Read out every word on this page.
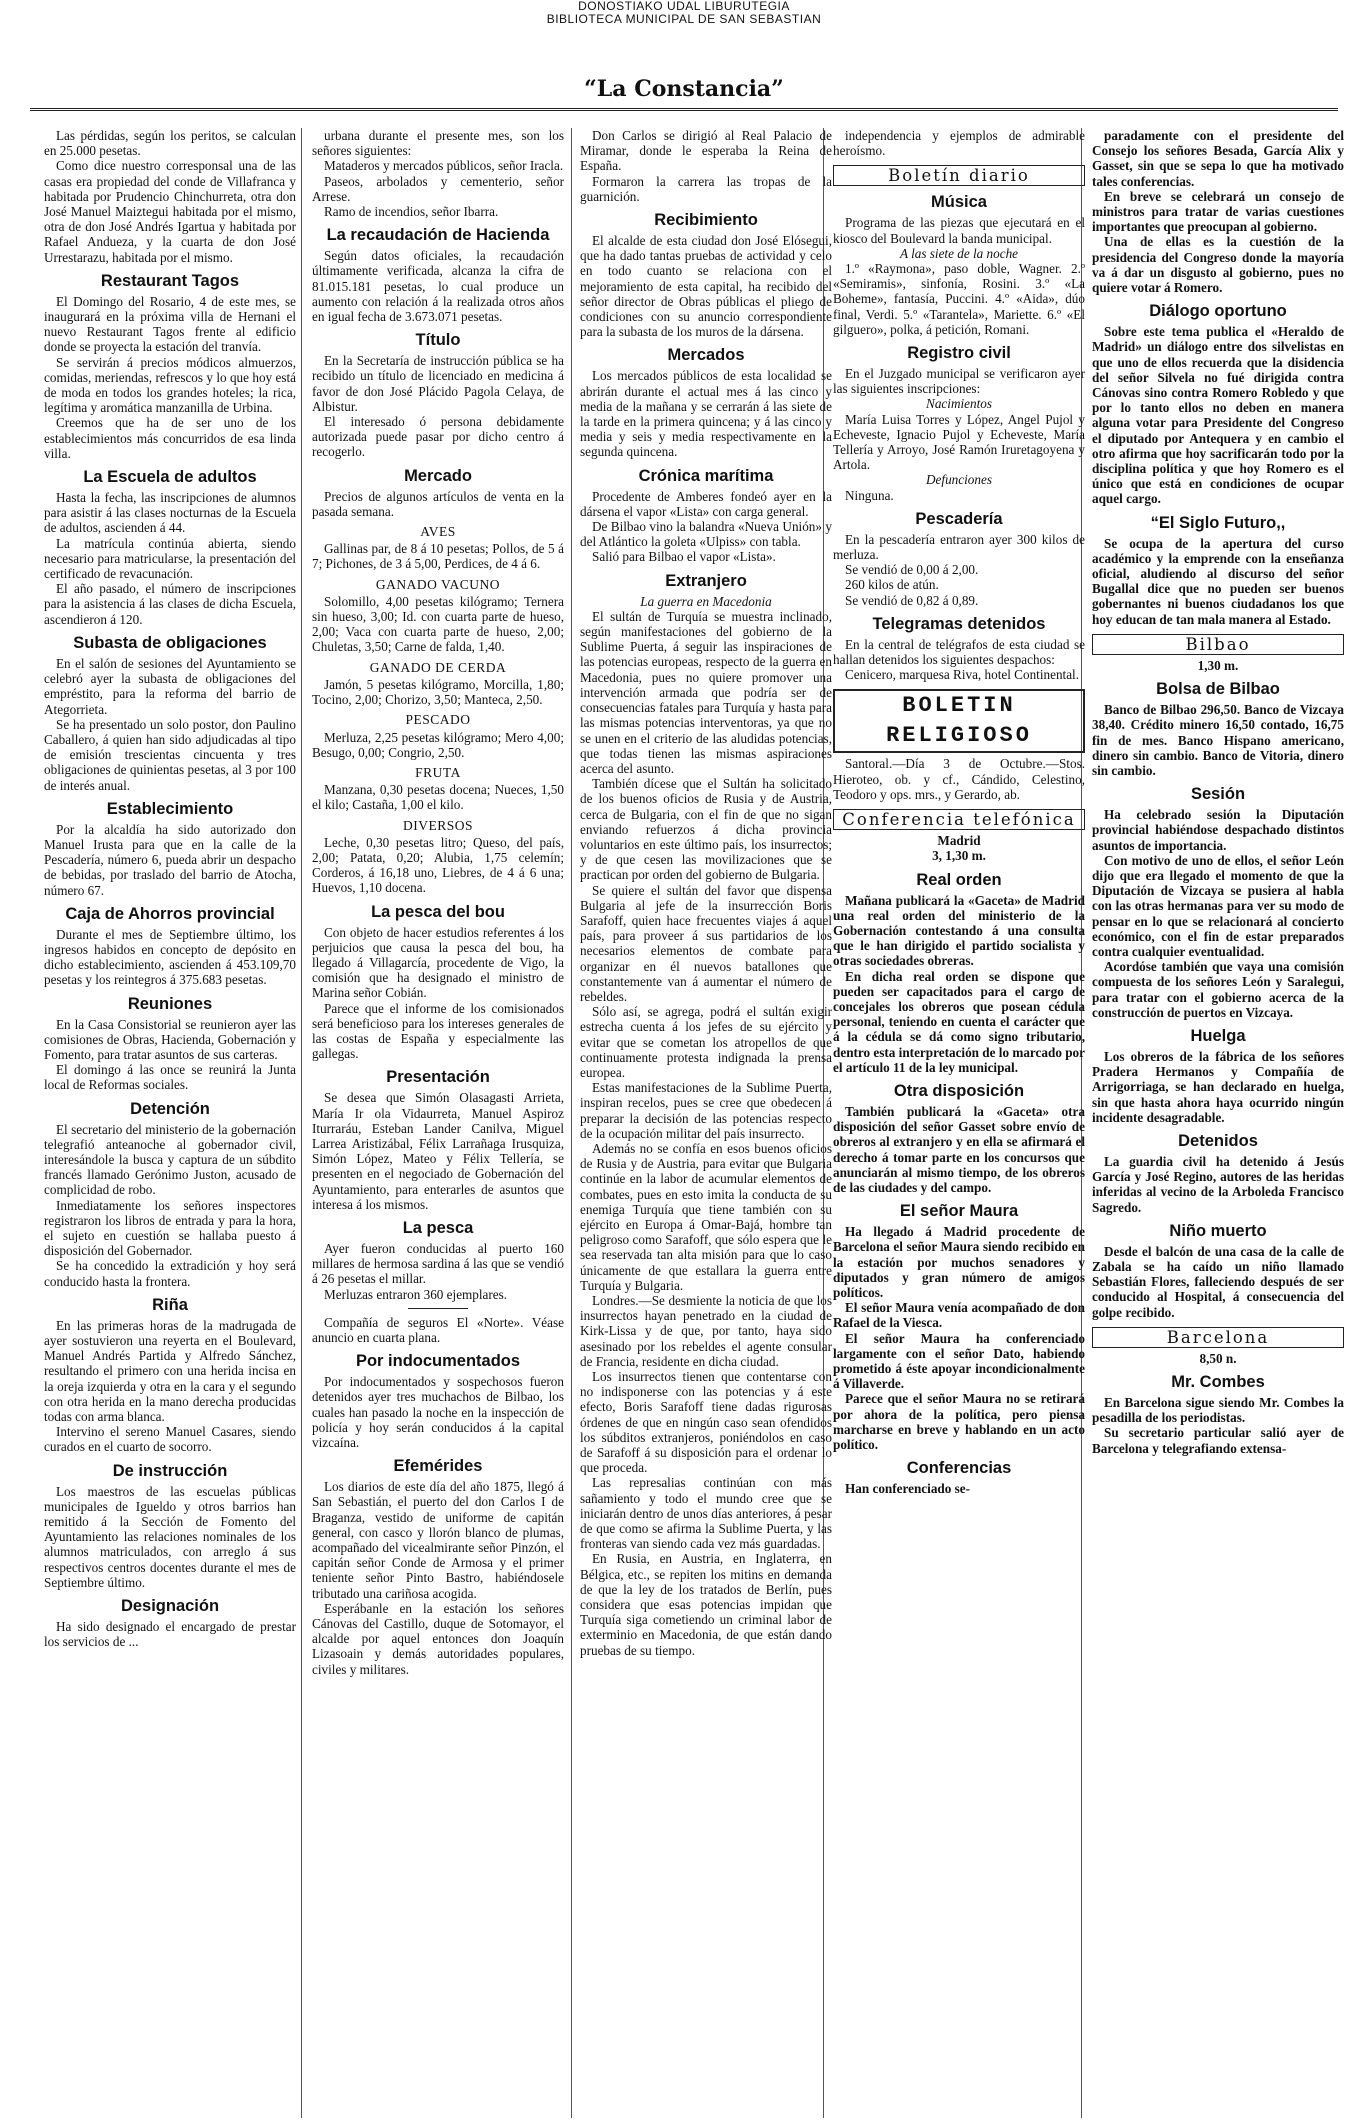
DONOSTIAKO UDAL LIBURUTEGIA
BIBLIOTECA MUNICIPAL DE SAN SEBASTIAN
“La Constancia”

Las pérdidas, según los peritos, se calculan en 25.000 pesetas.

Como dice nuestro corresponsal una de las casas era propiedad del conde de Villafranca y habitada por Prudencio Chinchurreta, otra don José Manuel Maiztegui habitada por el mismo, otra de don José Andrés Igartua y habitada por Rafael Andueza, y la cuarta de don José Urrestarazu, habitada por el mismo.

Restaurant Tagos

El Domingo del Rosario, 4 de este mes, se inaugurará en la próxima villa de Hernani el nuevo Restaurant Tagos frente al edificio donde se proyecta la estación del tranvía.

Se servirán á precios módicos almuerzos, comidas, meriendas, refrescos y lo que hoy está de moda en todos los grandes hoteles; la rica, legítima y aromática manzanilla de Urbina.

Creemos que ha de ser uno de los establecimientos más concurridos de esa linda villa.

La Escuela de adultos

Hasta la fecha, las inscripciones de alumnos para asistir á las clases nocturnas de la Escuela de adultos, ascienden á 44.

La matrícula continúa abierta, siendo necesario para matricularse, la presentación del certificado de revacunación.

El año pasado, el número de inscripciones para la asistencia á las clases de dicha Escuela, ascendieron á 120.

Subasta de obligaciones

En el salón de sesiones del Ayuntamiento se celebró ayer la subasta de obligaciones del empréstito, para la reforma del barrio de Ategorrieta.

Se ha presentado un solo postor, don Paulino Caballero, á quien han sido adjudicadas al tipo de emisión trescientas cincuenta y tres obligaciones de quinientas pesetas, al 3 por 100 de interés anual.

Establecimiento

Por la alcaldía ha sido autorizado don Manuel Irusta para que en la calle de la Pescadería, número 6, pueda abrir un despacho de bebidas, por traslado del barrio de Atocha, número 67.

Caja de Ahorros provincial

Durante el mes de Septiembre último, los ingresos habidos en concepto de depósito en dicho establecimiento, ascienden á 453.109,70 pesetas y los reintegros á 375.683 pesetas.

Reuniones

En la Casa Consistorial se reunieron ayer las comisiones de Obras, Hacienda, Gobernación y Fomento, para tratar asuntos de sus carteras.

El domingo á las once se reunirá la Junta local de Reformas sociales.

Detención

El secretario del ministerio de la gobernación telegrafió anteanoche al gobernador civil, interesándole la busca y captura de un súbdito francés llamado Gerónimo Juston, acusado de complicidad de robo.

Inmediatamente los señores inspectores registraron los libros de entrada y para la hora, el sujeto en cuestión se hallaba puesto á disposición del Gobernador.

Se ha concedido la extradición y hoy será conducido hasta la frontera.

Riña

En las primeras horas de la madrugada de ayer sostuvieron una reyerta en el Boulevard, Manuel Andrés Partida y Alfredo Sánchez, resultando el primero con una herida incisa en la oreja izquierda y otra en la cara y el segundo con otra herida en la mano derecha producidas todas con arma blanca.

Intervino el sereno Manuel Casares, siendo curados en el cuarto de socorro.

De instrucción

Los maestros de las escuelas públicas municipales de Igueldo y otros barrios han remitido á la Sección de Fomento del Ayuntamiento las relaciones nominales de los alumnos matriculados, con arreglo á sus respectivos centros docentes durante el mes de Septiembre último.

Designación

Ha sido designado el encargado de prestar los servicios de ...

urbana durante el presente mes, son los señores siguientes:

Mataderos y mercados públicos, señor Iracla.

Paseos, arbolados y cementerio, señor Arrese.

Ramo de incendios, señor Ibarra.

La recaudación de Hacienda

Según datos oficiales, la recaudación últimamente verificada, alcanza la cifra de 81.015.181 pesetas, lo cual produce un aumento con relación á la realizada otros años en igual fecha de 3.673.071 pesetas.

Título

En la Secretaría de instrucción pública se ha recibido un título de licenciado en medicina á favor de don José Plácido Pagola Celaya, de Albistur.

El interesado ó persona debidamente autorizada puede pasar por dicho centro á recogerlo.

Mercado

Precios de algunos artículos de venta en la pasada semana.

AVES

Gallinas par, de 8 á 10 pesetas; Pollos, de 5 á 7; Pichones, de 3 á 5,00, Perdices, de 4 á 6.

GANADO VACUNO

Solomillo, 4,00 pesetas kilógramo; Ternera sin hueso, 3,00; Id. con cuarta parte de hueso, 2,00; Vaca con cuarta parte de hueso, 2,00; Chuletas, 3,50; Carne de falda, 1,40.

GANADO DE CERDA

Jamón, 5 pesetas kilógramo, Morcilla, 1,80; Tocino, 2,00; Chorizo, 3,50; Manteca, 2,50.

PESCADO

Merluza, 2,25 pesetas kilógramo; Mero 4,00; Besugo, 0,00; Congrio, 2,50.

FRUTA

Manzana, 0,30 pesetas docena; Nueces, 1,50 el kilo; Castaña, 1,00 el kilo.

DIVERSOS

Leche, 0,30 pesetas litro; Queso, del país, 2,00; Patata, 0,20; Alubia, 1,75 celemín; Corderos, á 16,18 uno, Liebres, de 4 á 6 una; Huevos, 1,10 docena.

La pesca del bou

Con objeto de hacer estudios referentes á los perjuicios que causa la pesca del bou, ha llegado á Villagarcía, procedente de Vigo, la comisión que ha designado el ministro de Marina señor Cobián.

Parece que el informe de los comisionados será beneficioso para los intereses generales de las costas de España y especialmente las gallegas.

Presentación

Se desea que Simón Olasagasti Arrieta, María Ir ola Vidaurreta, Manuel Aspiroz Iturraráu, Esteban Lander Canilva, Miguel Larrea Aristizábal, Félix Larrañaga Irusquiza, Simón López, Mateo y Félix Tellería, se presenten en el negociado de Gobernación del Ayuntamiento, para enterarles de asuntos que interesa á los mismos.

La pesca

Ayer fueron conducidas al puerto 160 millares de hermosa sardina á las que se vendió á 26 pesetas el millar.

Merluzas entraron 360 ejemplares.

Compañía de seguros El «Norte». Véase anuncio en cuarta plana.

Por indocumentados

Por indocumentados y sospechosos fueron detenidos ayer tres muchachos de Bilbao, los cuales han pasado la noche en la inspección de policía y hoy serán conducidos á la capital vizcaína.

Efemérides

Los diarios de este día del año 1875, llegó á San Sebastián, el puerto del don Carlos I de Braganza, vestido de uniforme de capitán general, con casco y llorón blanco de plumas, acompañado del vicealmirante señor Pinzón, el capitán señor Conde de Armosa y el primer teniente señor Pinto Bastro, habiéndosele tributado una cariñosa acogida.

Esperábanle en la estación los señores Cánovas del Castillo, duque de Sotomayor, el alcalde por aquel entonces don Joaquín Lizasoain y demás autoridades populares, civiles y militares.

Don Carlos se dirigió al Real Palacio de Miramar, donde le esperaba la Reina de España.

Formaron la carrera las tropas de la guarnición.

Recibimiento

El alcalde de esta ciudad don José Elósegui, que ha dado tantas pruebas de actividad y celo en todo cuanto se relaciona con el mejoramiento de esta capital, ha recibido del señor director de Obras públicas el pliego de condiciones con su anuncio correspondiente para la subasta de los muros de la dársena.

Mercados

Los mercados públicos de esta localidad se abrirán durante el actual mes á las cinco y media de la mañana y se cerrarán á las siete de la tarde en la primera quincena; y á las cinco y media y seis y media respectivamente en la segunda quincena.

Crónica marítima

Procedente de Amberes fondeó ayer en la dársena el vapor «Lista» con carga general.

De Bilbao vino la balandra «Nueva Unión» y del Atlántico la goleta «Ulpiss» con tabla.

Salió para Bilbao el vapor «Lista».

Extranjero

La guerra en Macedonia

El sultán de Turquía se muestra inclinado, según manifestaciones del gobierno de la Sublime Puerta, á seguir las inspiraciones de las potencias europeas, respecto de la guerra en Macedonia, pues no quiere promover una intervención armada que podría ser de consecuencias fatales para Turquía y hasta para las mismas potencias interventoras, ya que no se unen en el criterio de las aludidas potencias, que todas tienen las mismas aspiraciones acerca del asunto.

También dícese que el Sultán ha solicitado de los buenos oficios de Rusia y de Austria, cerca de Bulgaria, con el fin de que no sigan enviando refuerzos á dicha provincia voluntarios en este último país, los insurrectos; y de que cesen las movilizaciones que se practican por orden del gobierno de Bulgaria.

Se quiere el sultán del favor que dispensa Bulgaria al jefe de la insurrección Boris Sarafoff, quien hace frecuentes viajes á aquel país, para proveer á sus partidarios de los necesarios elementos de combate para organizar en él nuevos batallones que constantemente van á aumentar el número de rebeldes.

Sólo así, se agrega, podrá el sultán exigir estrecha cuenta á los jefes de su ejército y evitar que se cometan los atropellos de que continuamente protesta indignada la prensa europea.

Estas manifestaciones de la Sublime Puerta, inspiran recelos, pues se cree que obedecen á preparar la decisión de las potencias respecto de la ocupación militar del país insurrecto.

Además no se confía en esos buenos oficios de Rusia y de Austria, para evitar que Bulgaria continúe en la labor de acumular elementos de combates, pues en esto imita la conducta de su enemiga Turquía que tiene también con su ejército en Europa á Omar-Bajá, hombre tan peligroso como Sarafoff, que sólo espera que le sea reservada tan alta misión para que lo caso únicamente de que estallara la guerra entre Turquía y Bulgaria.

Londres.—Se desmiente la noticia de que los insurrectos hayan penetrado en la ciudad de Kirk-Lissa y de que, por tanto, haya sido asesinado por los rebeldes el agente consular de Francia, residente en dicha ciudad.

Los insurrectos tienen que contentarse con no indisponerse con las potencias y á este efecto, Boris Sarafoff tiene dadas rigurosas órdenes de que en ningún caso sean ofendidos los súbditos extranjeros, poniéndolos en caso de Sarafoff á su disposición para el ordenar lo que proceda.

Las represalias continúan con más sañamiento y todo el mundo cree que se iniciarán dentro de unos días anteriores, á pesar de que como se afirma la Sublime Puerta, y las fronteras van siendo cada vez más guardadas.

En Rusia, en Austria, en Inglaterra, en Bélgica, etc., se repiten los mitins en demanda de que la ley de los tratados de Berlín, pues considera que esas potencias impidan que Turquía siga cometiendo un criminal labor de exterminio en Macedonia, de que están dando pruebas de su tiempo.

independencia y ejemplos de admirable heroísmo.

Boletín diario
Música

Programa de las piezas que ejecutará en el kiosco del Boulevard la banda municipal.

A las siete de la noche

1.º «Raymona», paso doble, Wagner. 2.º «Semiramis», sinfonía, Rosini. 3.º «La Boheme», fantasía, Puccini. 4.º «Aida», dúo final, Verdi. 5.º «Tarantela», Mariette. 6.º «El gilguero», polka, á petición, Romani.

Registro civil

En el Juzgado municipal se verificaron ayer las siguientes inscripciones:

Nacimientos

María Luisa Torres y López, Angel Pujol y Echeveste, Ignacio Pujol y Echeveste, María Tellería y Arroyo, José Ramón Iruretagoyena y Artola.

Defunciones

Ninguna.

Pescadería

En la pescadería entraron ayer 300 kilos de merluza.

Se vendió de 0,00 á 2,00.

260 kilos de atún.

Se vendió de 0,82 á 0,89.

Telegramas detenidos

En la central de telégrafos de esta ciudad se hallan detenidos los siguientes despachos:

Cenicero, marquesa Riva, hotel Continental.

BOLETIN RELIGIOSO

Santoral.—Día 3 de Octubre.—Stos. Hieroteo, ob. y cf., Cándido, Celestino, Teodoro y ops. mrs., y Gerardo, ab.

Conferencia telefónica

Madrid

3, 1,30 m.

Real orden

Mañana publicará la «Gaceta» de Madrid una real orden del ministerio de la Gobernación contestando á una consulta que le han dirigido el partido socialista y otras sociedades obreras.

En dicha real orden se dispone que pueden ser capacitados para el cargo de concejales los obreros que posean cédula personal, teniendo en cuenta el carácter que á la cédula se dá como signo tributario, dentro esta interpretación de lo marcado por el artículo 11 de la ley municipal.

Otra disposición

También publicará la «Gaceta» otra disposición del señor Gasset sobre envío de obreros al extranjero y en ella se afirmará el derecho á tomar parte en los concursos que anunciarán al mismo tiempo, de los obreros de las ciudades y del campo.

El señor Maura

Ha llegado á Madrid procedente de Barcelona el señor Maura siendo recibido en la estación por muchos senadores y diputados y gran número de amigos políticos.

El señor Maura venía acompañado de don Rafael de la Viesca.

El señor Maura ha conferenciado largamente con el señor Dato, habiendo prometido á éste apoyar incondicionalmente á Villaverde.

Parece que el señor Maura no se retirará por ahora de la política, pero piensa marcharse en breve y hablando en un acto político.

Conferencias

Han conferenciado se-

paradamente con el presidente del Consejo los señores Besada, García Alix y Gasset, sin que se sepa lo que ha motivado tales conferencias.

En breve se celebrará un consejo de ministros para tratar de varias cuestiones importantes que preocupan al gobierno.

Una de ellas es la cuestión de la presidencia del Congreso donde la mayoría va á dar un disgusto al gobierno, pues no quiere votar á Romero.

Diálogo oportuno

Sobre este tema publica el «Heraldo de Madrid» un diálogo entre dos silvelistas en que uno de ellos recuerda que la disidencia del señor Silvela no fué dirigida contra Cánovas sino contra Romero Robledo y que por lo tanto ellos no deben en manera alguna votar para Presidente del Congreso el diputado por Antequera y en cambio el otro afirma que hoy sacrificarán todo por la disciplina política y que hoy Romero es el único que está en condiciones de ocupar aquel cargo.

“El Siglo Futuro,,

Se ocupa de la apertura del curso académico y la emprende con la enseñanza oficial, aludiendo al discurso del señor Bugallal dice que no pueden ser buenos gobernantes ni buenos ciudadanos los que hoy educan de tan mala manera al Estado.

Bilbao

1,30 m.

Bolsa de Bilbao

Banco de Bilbao 296,50. Banco de Vizcaya 38,40. Crédito minero 16,50 contado, 16,75 fin de mes. Banco Hispano americano, dinero sin cambio. Banco de Vitoria, dinero sin cambio.

Sesión

Ha celebrado sesión la Diputación provincial habiéndose despachado distintos asuntos de importancia.

Con motivo de uno de ellos, el señor León dijo que era llegado el momento de que la Diputación de Vizcaya se pusiera al habla con las otras hermanas para ver su modo de pensar en lo que se relacionará al concierto económico, con el fin de estar preparados contra cualquier eventualidad.

Acordóse también que vaya una comisión compuesta de los señores León y Saralegui, para tratar con el gobierno acerca de la construcción de puertos en Vizcaya.

Huelga

Los obreros de la fábrica de los señores Pradera Hermanos y Compañía de Arrigorriaga, se han declarado en huelga, sin que hasta ahora haya ocurrido ningún incidente desagradable.

Detenidos

La guardia civil ha detenido á Jesús García y José Regino, autores de las heridas inferidas al vecino de la Arboleda Francisco Sagredo.

Niño muerto

Desde el balcón de una casa de la calle de Zabala se ha caído un niño llamado Sebastián Flores, falleciendo después de ser conducido al Hospital, á consecuencia del golpe recibido.

Barcelona

8,50 n.

Mr. Combes

En Barcelona sigue siendo Mr. Combes la pesadilla de los periodistas.

Su secretario particular salió ayer de Barcelona y telegrafiando extensa-
